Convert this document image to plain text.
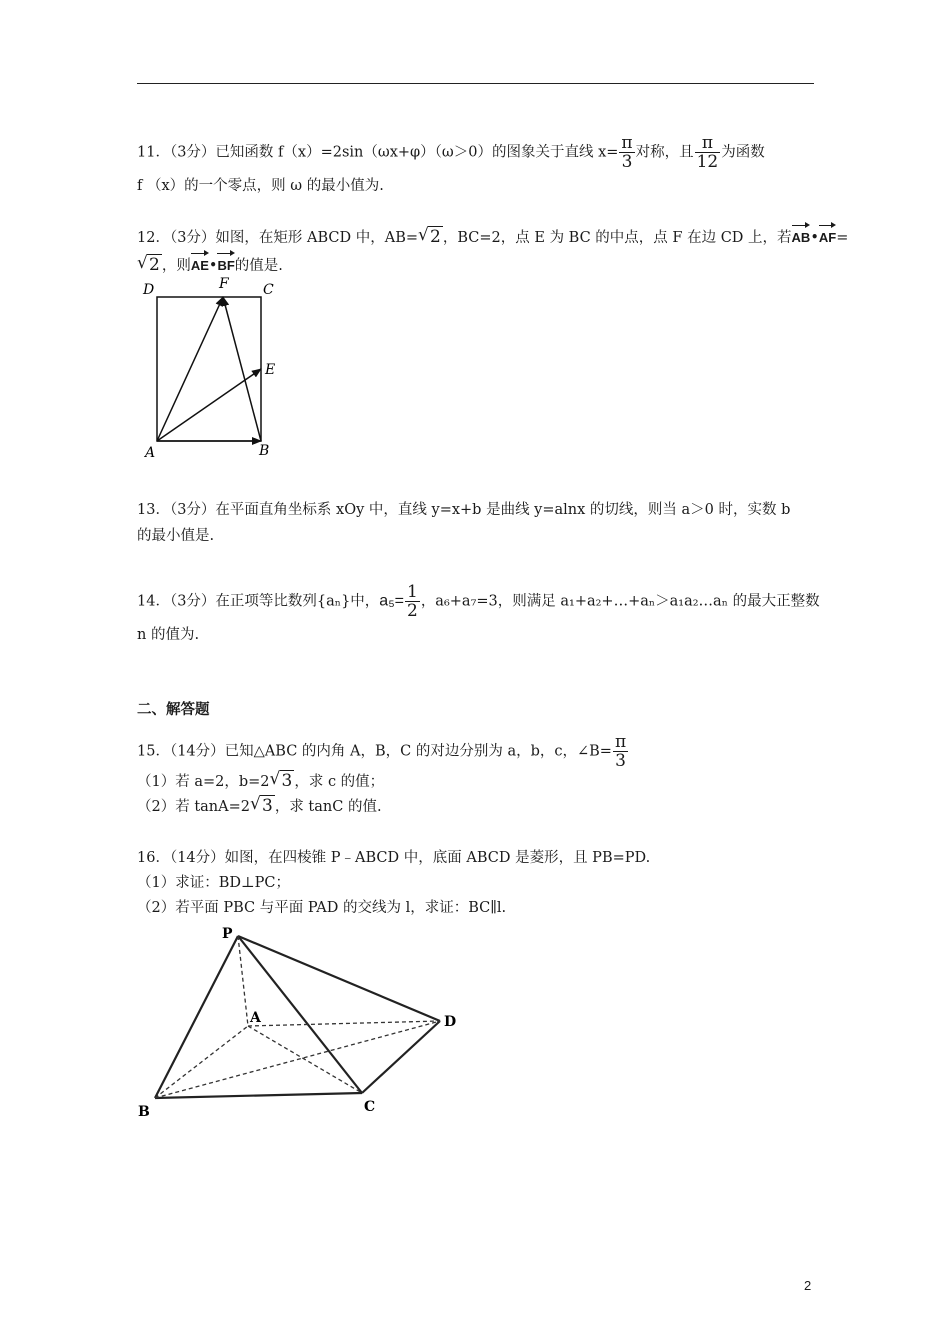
11．（3分）已知函数 f（x）=2sin（ωx+φ）（ω＞0）的图象关于直线 $x= \frac{\pi}{3}$ 对称，且 $\frac{\pi}{12}$ 为函数
f （x）的一个零点，则 ω 的最小值为.
12．（3分）如图，在矩形 ABCD 中，AB= √ 2 ，BC=2，点 E 为 BC 的中点，点 F 在边 CD 上，若AB•AF=
√ 2 ，则AE•BF的值是.
D	F C
E
A	B
13．（3分）在平面直角坐标系 xOy 中，直线 y=x+b 是曲线 y=alnx 的切线，则当 a＞0 时，实数 b
的最小值是.
14．（3分）在正项等比数列{aₙ}中，$a_5= \frac{1}{2}$ ，a₆+a₇=3，则满足 a₁+a₂+…+aₙ＞a₁a₂…aₙ 的最大正整数
n 的值为.
二、解答题
15．（14分）已知△ABC 的内角 A，B，C 的对边分别为 a，b，c，∠B= $\frac{\pi}{3}$
（1）若 a=2，b=2 √ 3 ，求 c 的值；
（2）若 tanA=2 √ 3 ，求 tanC 的值.
16．（14分）如图，在四棱锥 P﹣ABCD 中，底面 ABCD 是菱形，且 PB=PD.
（1）求证：BD⊥PC；
（2）若平面 PBC 与平面 PAD 的交线为 l，求证：BC∥l.
P
A
B	C
D
2
